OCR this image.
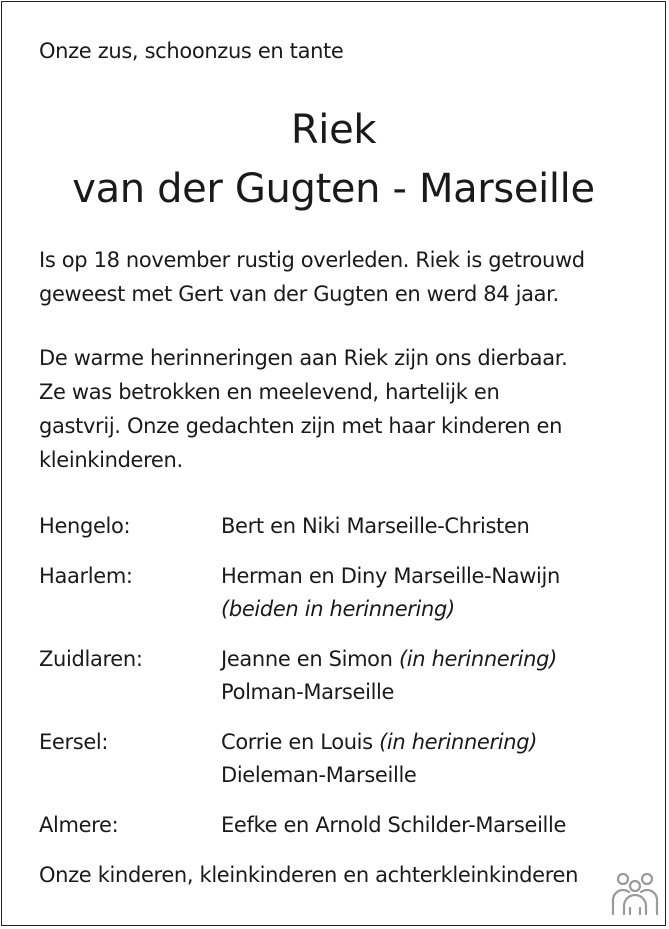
Onze zus, schoonzus en tante
Riek
van der Gugten - Marseille
Is op 18 november rustig overleden. Riek is getrouwd
geweest met Gert van der Gugten en werd 84 jaar.
De warme herinneringen aan Riek zijn ons dierbaar.
Ze was betrokken en meelevend, hartelijk en
gastvrij. Onze gedachten zijn met haar kinderen en
kleinkinderen.
Hengelo:	Bert en Niki Marseille-Christen
Haarlem:	Herman en Diny Marseille-Nawijn
(beiden in herinnering)
Zuidlaren:	Jeanne en Simon (in herinnering)
Polman-Marseille
Eersel:	Corrie en Louis (in herinnering)
Dieleman-Marseille
Almere:	Eefke en Arnold Schilder-Marseille
Onze kinderen, kleinkinderen en achterkleinkinderen
